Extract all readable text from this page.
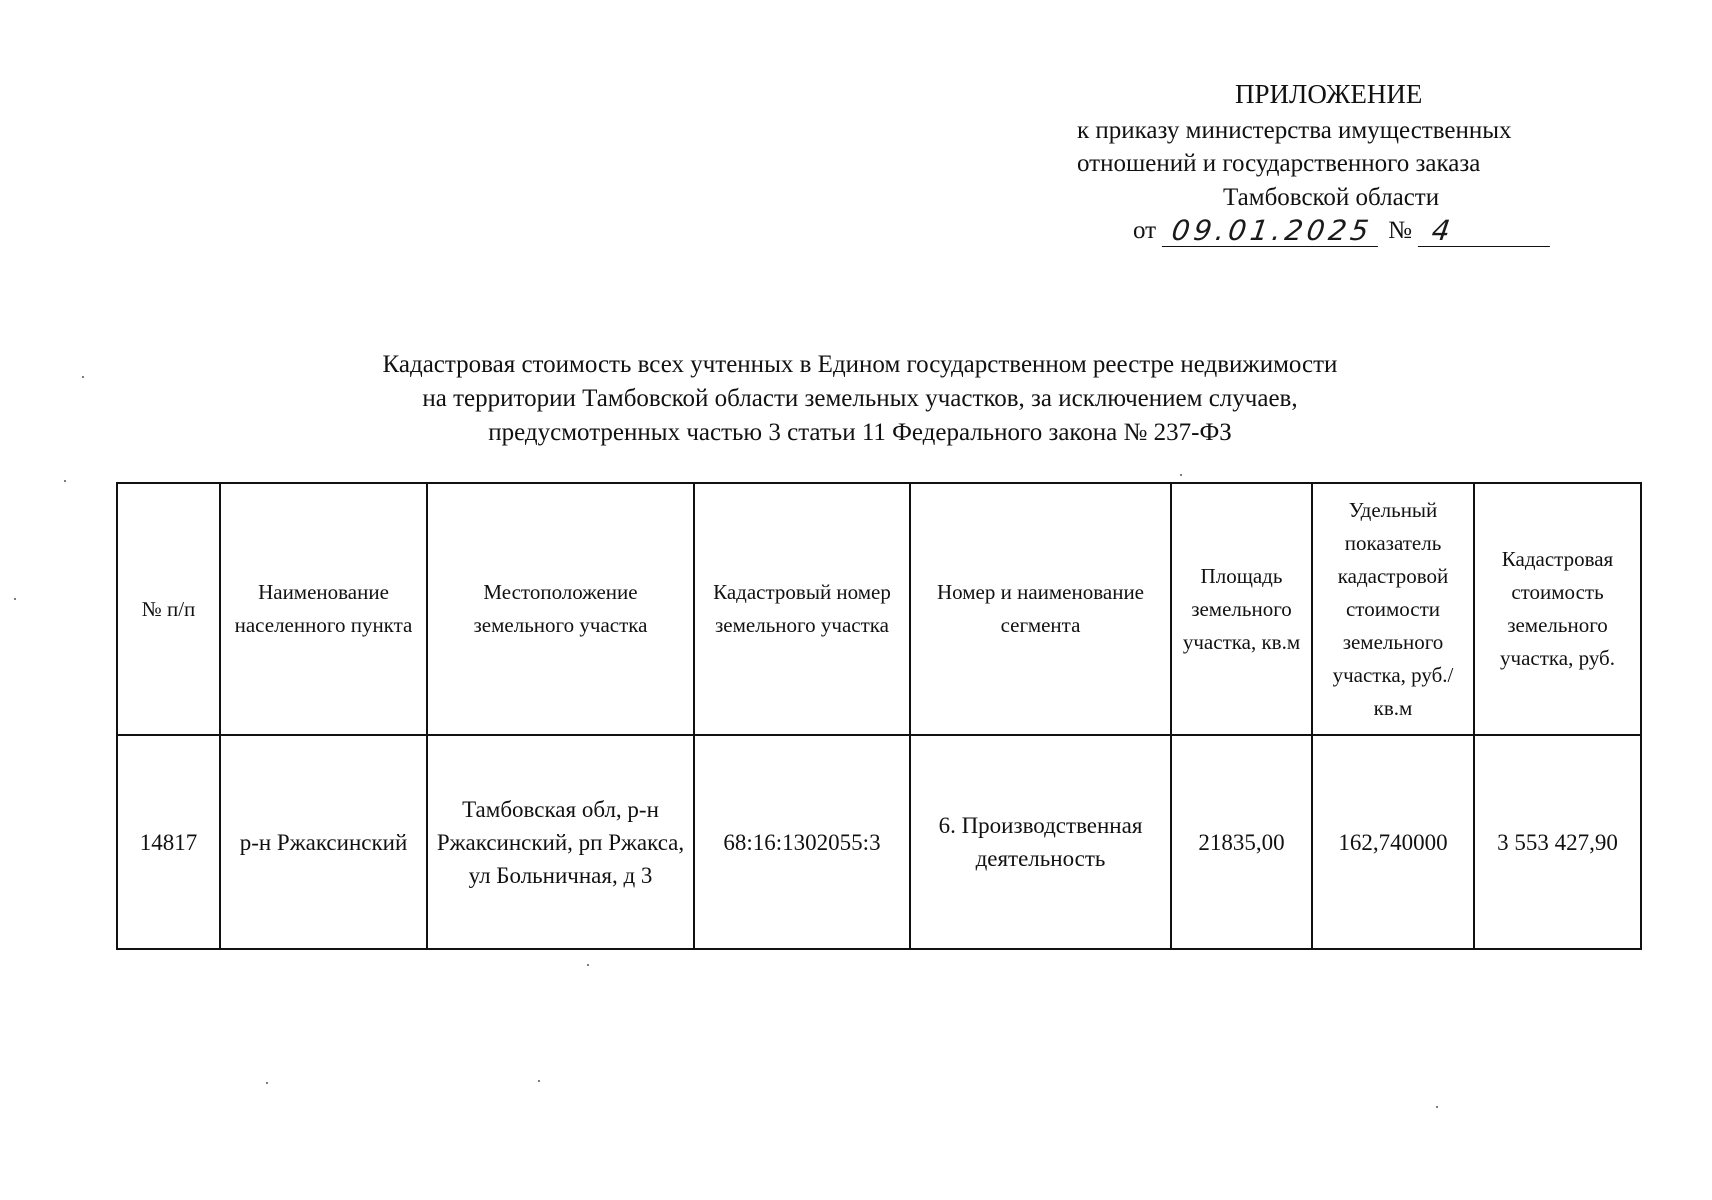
ПРИЛОЖЕНИЕ
к приказу министерства имущественных
отношений и государственного заказа
Тамбовской области
от 09.01.2025 № 4
Кадастровая стоимость всех учтенных в Едином государственном реестре недвижимости
на территории Тамбовской области земельных участков, за исключением случаев,
предусмотренных частью 3 статьи 11 Федерального закона № 237-ФЗ
№ п/п	Наименование населенного пункта	Местоположение земельного участка	Кадастровый номер земельного участка	Номер и наименование сегмента	Площадь земельного участка, кв.м	Удельный показатель кадастровой стоимости земельного участка, руб./кв.м	Кадастровая стоимость земельного участка, руб.
14817	р-н Ржаксинский	Тамбовская обл, р-н Ржаксинский, рп Ржакса, ул Больничная, д 3	68:16:1302055:3	6. Производственная деятельность	21835,00	162,740000	3 553 427,90
